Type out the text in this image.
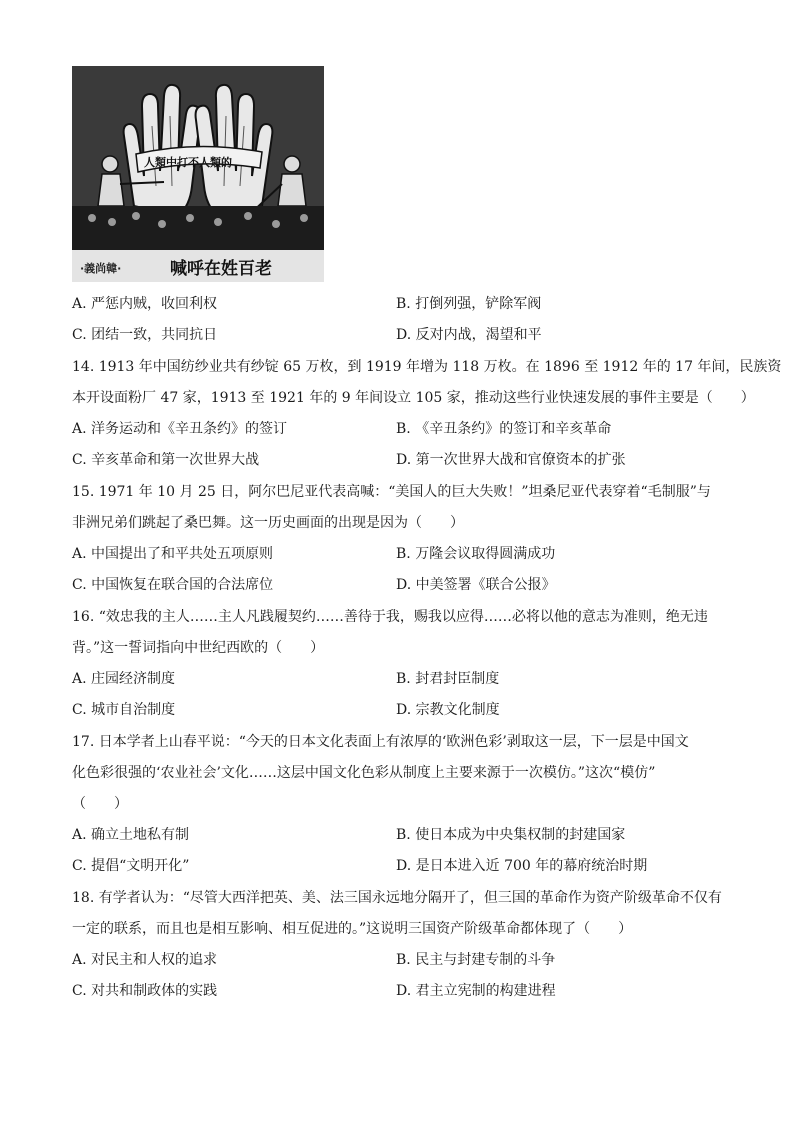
人類中打不人類的
·義尚韓·	喊呼在姓百老
A. 严惩内贼，收回利权	B. 打倒列强，铲除军阀
C. 团结一致，共同抗日	D. 反对内战，渴望和平
14. 1913 年中国纺纱业共有纱锭 65 万枚，到 1919 年增为 118 万枚。在 1896 至 1912 年的 17 年间，民族资
本开设面粉厂 47 家，1913 至 1921 年的 9 年间设立 105 家，推动这些行业快速发展的事件主要是（　　）
A. 洋务运动和《辛丑条约》的签订	B. 《辛丑条约》的签订和辛亥革命
C. 辛亥革命和第一次世界大战	D. 第一次世界大战和官僚资本的扩张
15. 1971 年 10 月 25 日，阿尔巴尼亚代表高喊：“美国人的巨大失败！”坦桑尼亚代表穿着“毛制服”与
非洲兄弟们跳起了桑巴舞。这一历史画面的出现是因为（　　）
A. 中国提出了和平共处五项原则	B. 万隆会议取得圆满成功
C. 中国恢复在联合国的合法席位	D. 中美签署《联合公报》
16. “效忠我的主人……主人凡践履契约……善待于我，赐我以应得……必将以他的意志为准则，绝无违
背。”这一誓词指向中世纪西欧的（　　）
A. 庄园经济制度	B. 封君封臣制度
C. 城市自治制度	D. 宗教文化制度
17. 日本学者上山春平说：“今天的日本文化表面上有浓厚的‘欧洲色彩’剥取这一层，下一层是中国文
化色彩很强的‘农业社会’文化……这层中国文化色彩从制度上主要来源于一次模仿。”这次“模仿”
（　　）
A. 确立土地私有制	B. 使日本成为中央集权制的封建国家
C. 提倡“文明开化”	D. 是日本进入近 700 年的幕府统治时期
18. 有学者认为：“尽管大西洋把英、美、法三国永远地分隔开了，但三国的革命作为资产阶级革命不仅有
一定的联系，而且也是相互影响、相互促进的。”这说明三国资产阶级革命都体现了（　　）
A. 对民主和人权的追求	B. 民主与封建专制的斗争
C. 对共和制政体的实践	D. 君主立宪制的构建进程
